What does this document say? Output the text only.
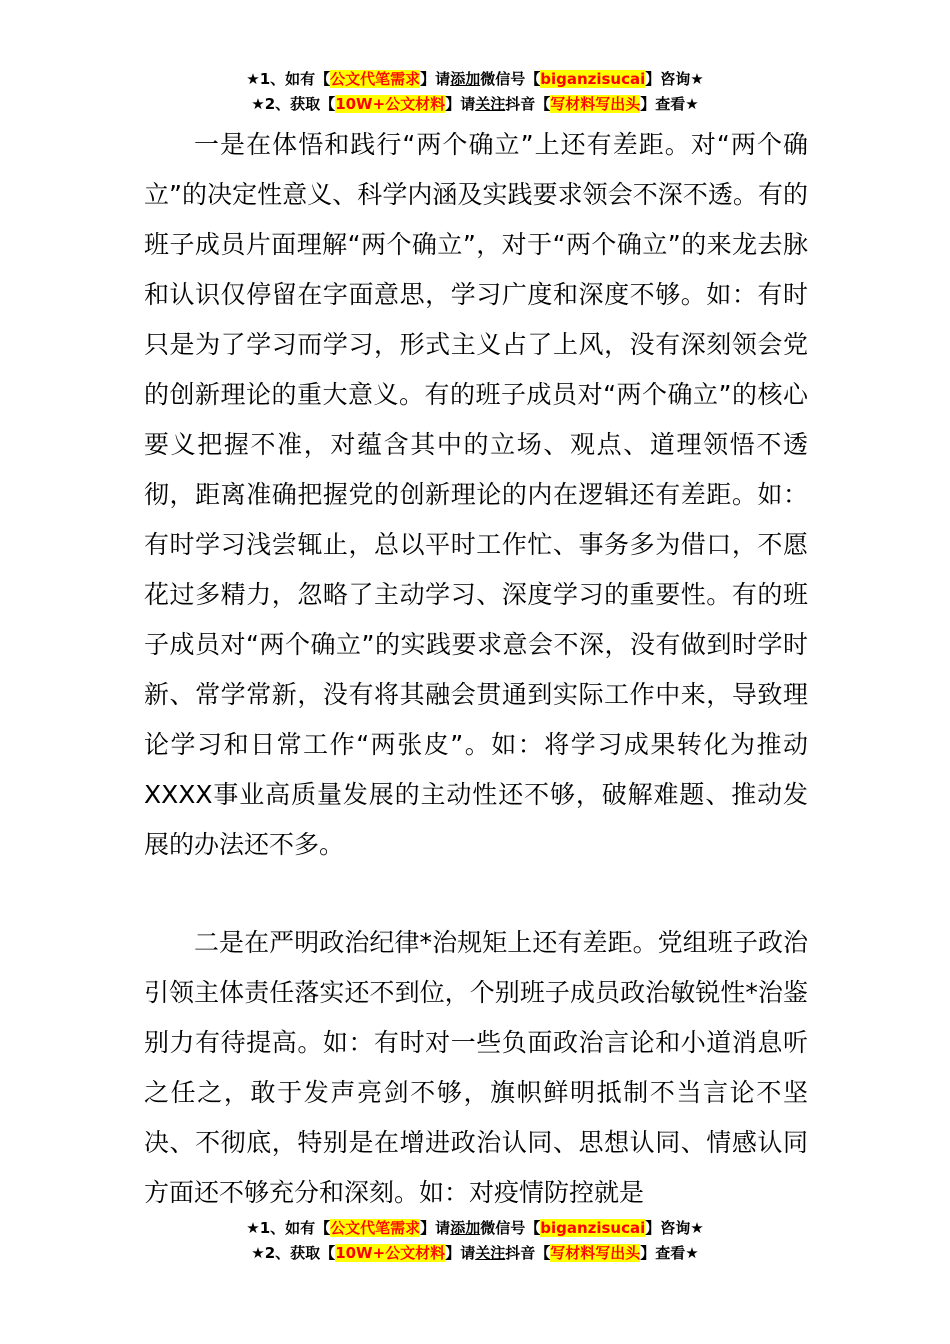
★1、如有【公文代笔需求】请添加微信号【biganzisucai】咨询★
★2、获取【10W+公文材料】请关注抖音【写材料写出头】查看★

一是在体悟和践行“两个确立”上还有差距。对“两个确立”的决定性意义、科学内涵及实践要求领会不深不透。有的班子成员片面理解“两个确立”，对于“两个确立”的来龙去脉和认识仅停留在字面意思，学习广度和深度不够。如：有时只是为了学习而学习，形式主义占了上风，没有深刻领会党的创新理论的重大意义。有的班子成员对“两个确立”的核心要义把握不准，对蕴含其中的立场、观点、道理领悟不透彻，距离准确把握党的创新理论的内在逻辑还有差距。如：有时学习浅尝辄止，总以平时工作忙、事务多为借口，不愿花过多精力，忽略了主动学习、深度学习的重要性。有的班子成员对“两个确立”的实践要求意会不深，没有做到时学时新、常学常新，没有将其融会贯通到实际工作中来，导致理论学习和日常工作“两张皮”。如：将学习成果转化为推动XXXX事业高质量发展的主动性还不够，破解难题、推动发展的办法还不多。

二是在严明政治纪律*治规矩上还有差距。党组班子政治引领主体责任落实还不到位，个别班子成员政治敏锐性*治鉴别力有待提高。如：有时对一些负面政治言论和小道消息听之任之，敢于发声亮剑不够，旗帜鲜明抵制不当言论不坚决、不彻底，特别是在增进政治认同、思想认同、情感认同方面还不够充分和深刻。如：对疫情防控就是

★1、如有【公文代笔需求】请添加微信号【biganzisucai】咨询★
★2、获取【10W+公文材料】请关注抖音【写材料写出头】查看★
